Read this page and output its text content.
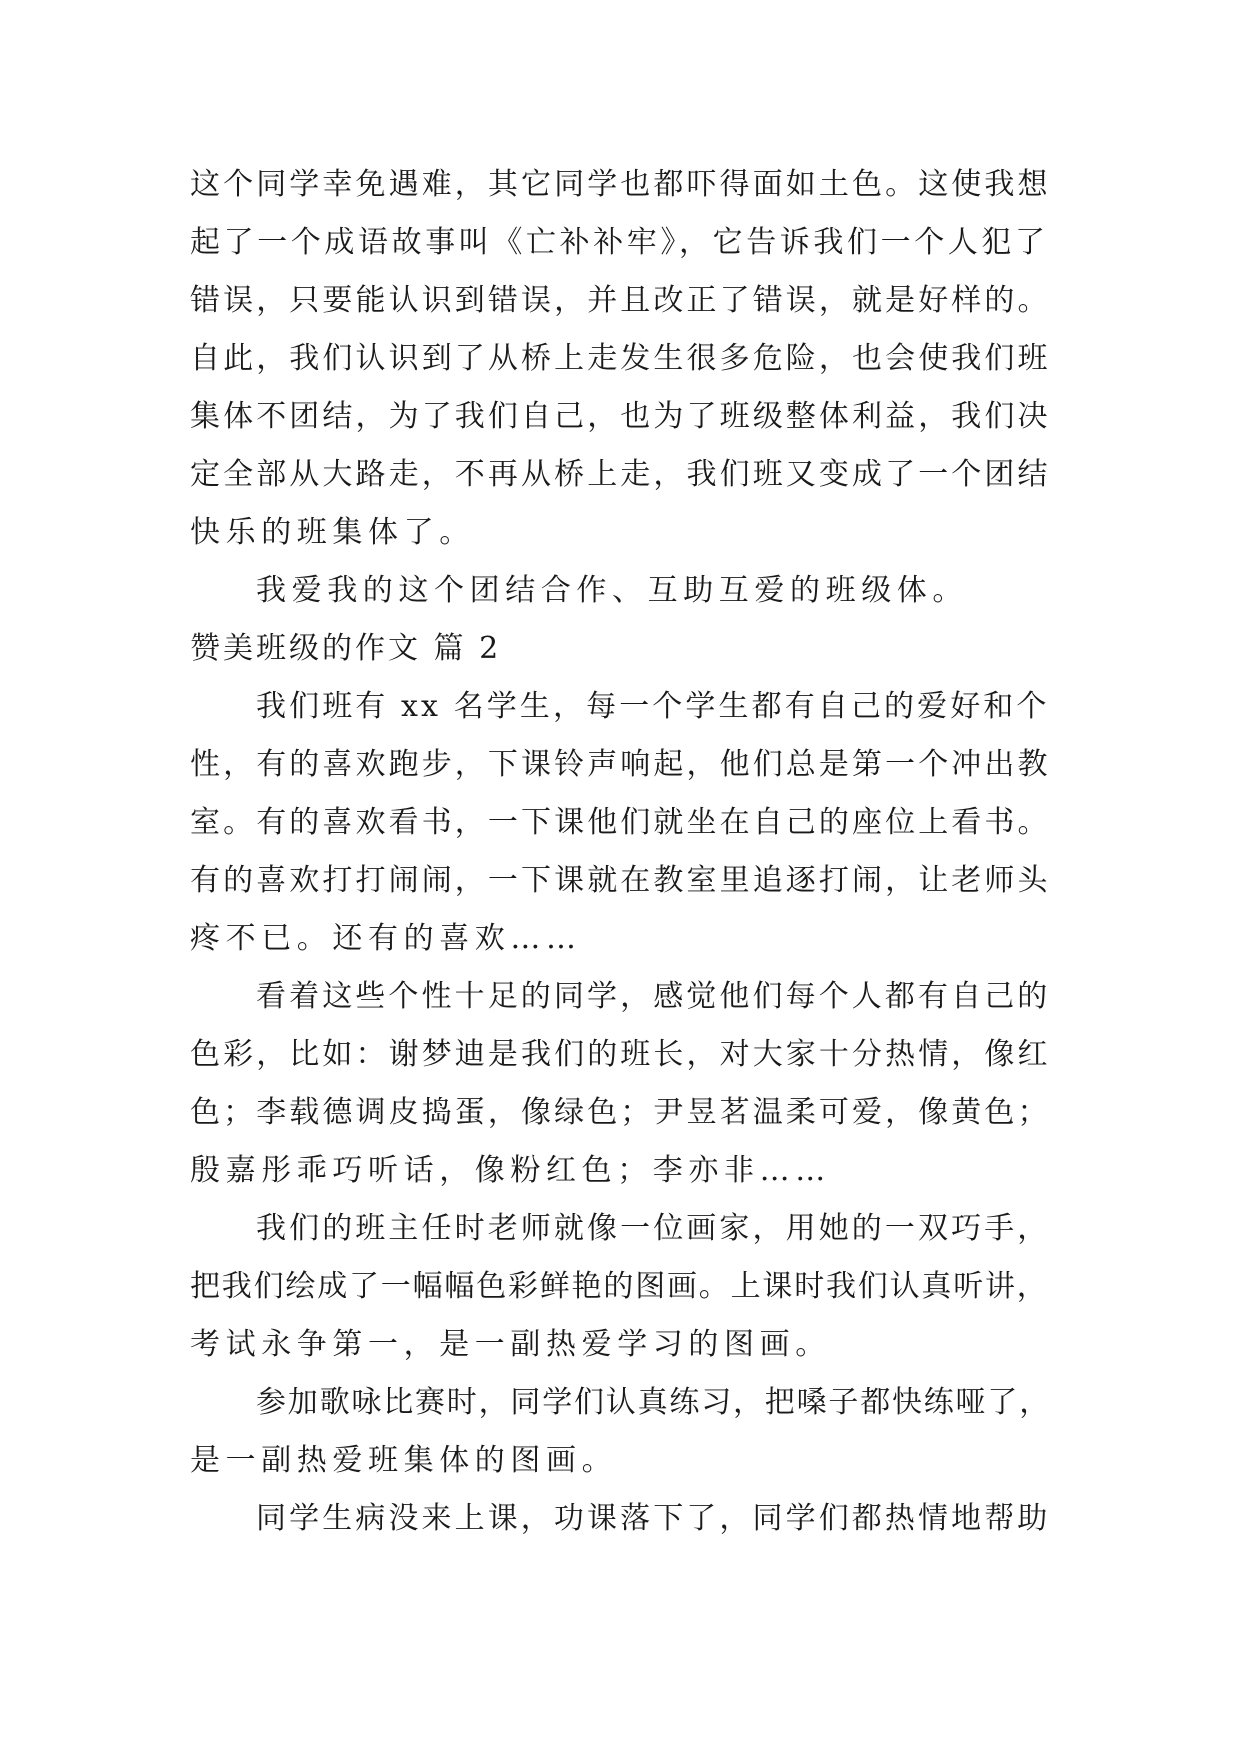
这个同学幸免遇难，其它同学也都吓得面如土色。这使我想
起了一个成语故事叫《亡补补牢》，它告诉我们一个人犯了
错误，只要能认识到错误，并且改正了错误，就是好样的。
自此，我们认识到了从桥上走发生很多危险，也会使我们班
集体不团结，为了我们自己，也为了班级整体利益，我们决
定全部从大路走，不再从桥上走，我们班又变成了一个团结
快乐的班集体了。
我爱我的这个团结合作、互助互爱的班级体。
赞美班级的作文 篇 2
我们班有 xx 名学生，每一个学生都有自己的爱好和个
性，有的喜欢跑步，下课铃声响起，他们总是第一个冲出教
室。有的喜欢看书，一下课他们就坐在自己的座位上看书。
有的喜欢打打闹闹，一下课就在教室里追逐打闹，让老师头
疼不已。还有的喜欢……
看着这些个性十足的同学，感觉他们每个人都有自己的
色彩，比如：谢梦迪是我们的班长，对大家十分热情，像红
色；李载德调皮捣蛋，像绿色；尹昱茗温柔可爱，像黄色；
殷嘉彤乖巧听话，像粉红色；李亦非……
我们的班主任时老师就像一位画家，用她的一双巧手，
把我们绘成了一幅幅色彩鲜艳的图画。上课时我们认真听讲，
考试永争第一，是一副热爱学习的图画。
参加歌咏比赛时，同学们认真练习，把嗓子都快练哑了，
是一副热爱班集体的图画。
同学生病没来上课，功课落下了，同学们都热情地帮助
